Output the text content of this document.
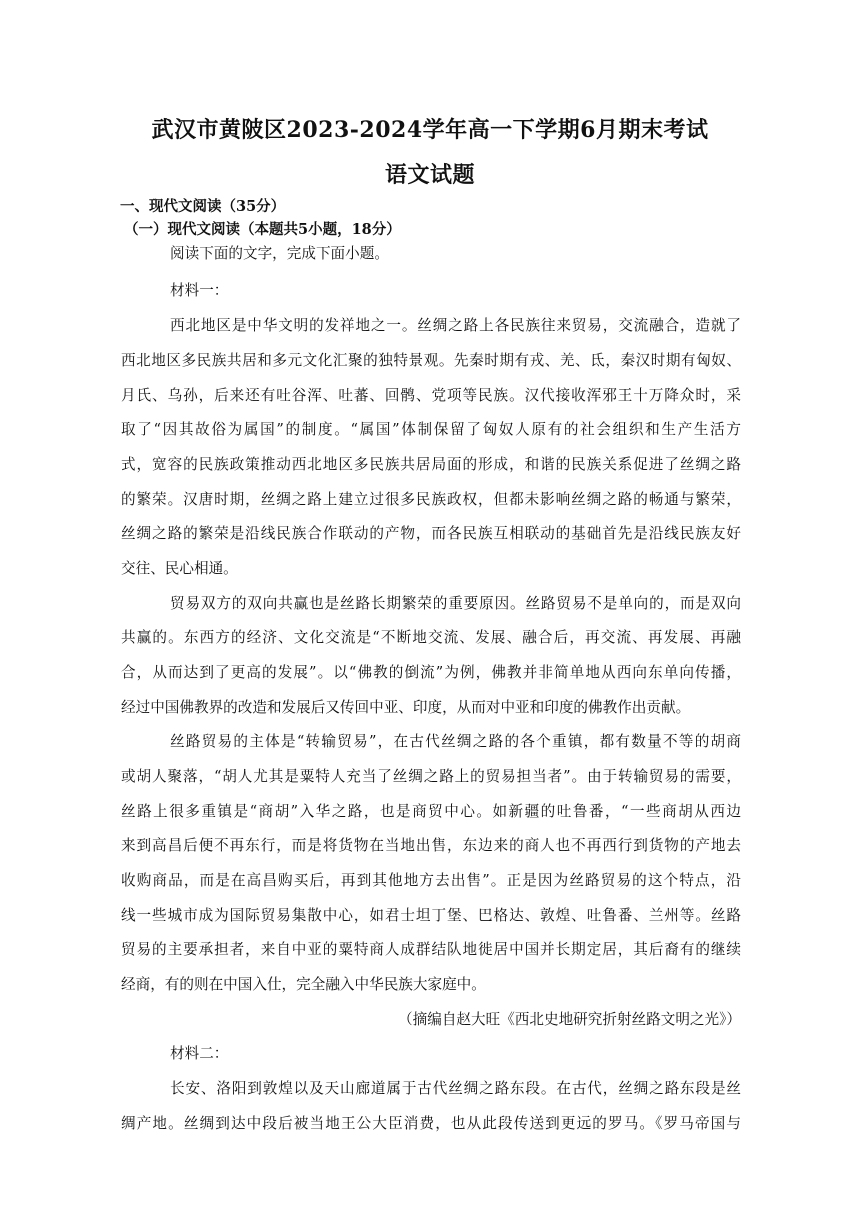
武汉市黄陂区2023-2024学年高一下学期6月期末考试
语文试题
一、现代文阅读（35分）
（一）现代文阅读（本题共5小题，18分）
阅读下面的文字，完成下面小题。
材料一：
西北地区是中华文明的发祥地之一。丝绸之路上各民族往来贸易，交流融合，造就了
西北地区多民族共居和多元文化汇聚的独特景观。先秦时期有戎、羌、氐，秦汉时期有匈奴、
月氏、乌孙，后来还有吐谷浑、吐蕃、回鹘、党项等民族。汉代接收浑邪王十万降众时，采
取了“因其故俗为属国”的制度。“属国”体制保留了匈奴人原有的社会组织和生产生活方
式，宽容的民族政策推动西北地区多民族共居局面的形成，和谐的民族关系促进了丝绸之路
的繁荣。汉唐时期，丝绸之路上建立过很多民族政权，但都未影响丝绸之路的畅通与繁荣，
丝绸之路的繁荣是沿线民族合作联动的产物，而各民族互相联动的基础首先是沿线民族友好
交往、民心相通。
贸易双方的双向共赢也是丝路长期繁荣的重要原因。丝路贸易不是单向的，而是双向
共赢的。东西方的经济、文化交流是“不断地交流、发展、融合后，再交流、再发展、再融
合，从而达到了更高的发展”。以“佛教的倒流”为例，佛教并非简单地从西向东单向传播，
经过中国佛教界的改造和发展后又传回中亚、印度，从而对中亚和印度的佛教作出贡献。
丝路贸易的主体是“转输贸易”，在古代丝绸之路的各个重镇，都有数量不等的胡商
或胡人聚落，“胡人尤其是粟特人充当了丝绸之路上的贸易担当者”。由于转输贸易的需要，
丝路上很多重镇是“商胡”入华之路，也是商贸中心。如新疆的吐鲁番，“一些商胡从西边
来到高昌后便不再东行，而是将货物在当地出售，东边来的商人也不再西行到货物的产地去
收购商品，而是在高昌购买后，再到其他地方去出售”。正是因为丝路贸易的这个特点，沿
线一些城市成为国际贸易集散中心，如君士坦丁堡、巴格达、敦煌、吐鲁番、兰州等。丝路
贸易的主要承担者，来自中亚的粟特商人成群结队地徙居中国并长期定居，其后裔有的继续
经商，有的则在中国入仕，完全融入中华民族大家庭中。
（摘编自赵大旺《西北史地研究折射丝路文明之光》）
材料二：
长安、洛阳到敦煌以及天山廊道属于古代丝绸之路东段。在古代，丝绸之路东段是丝
绸产地。丝绸到达中段后被当地王公大臣消费，也从此段传送到更远的罗马。《罗马帝国与
